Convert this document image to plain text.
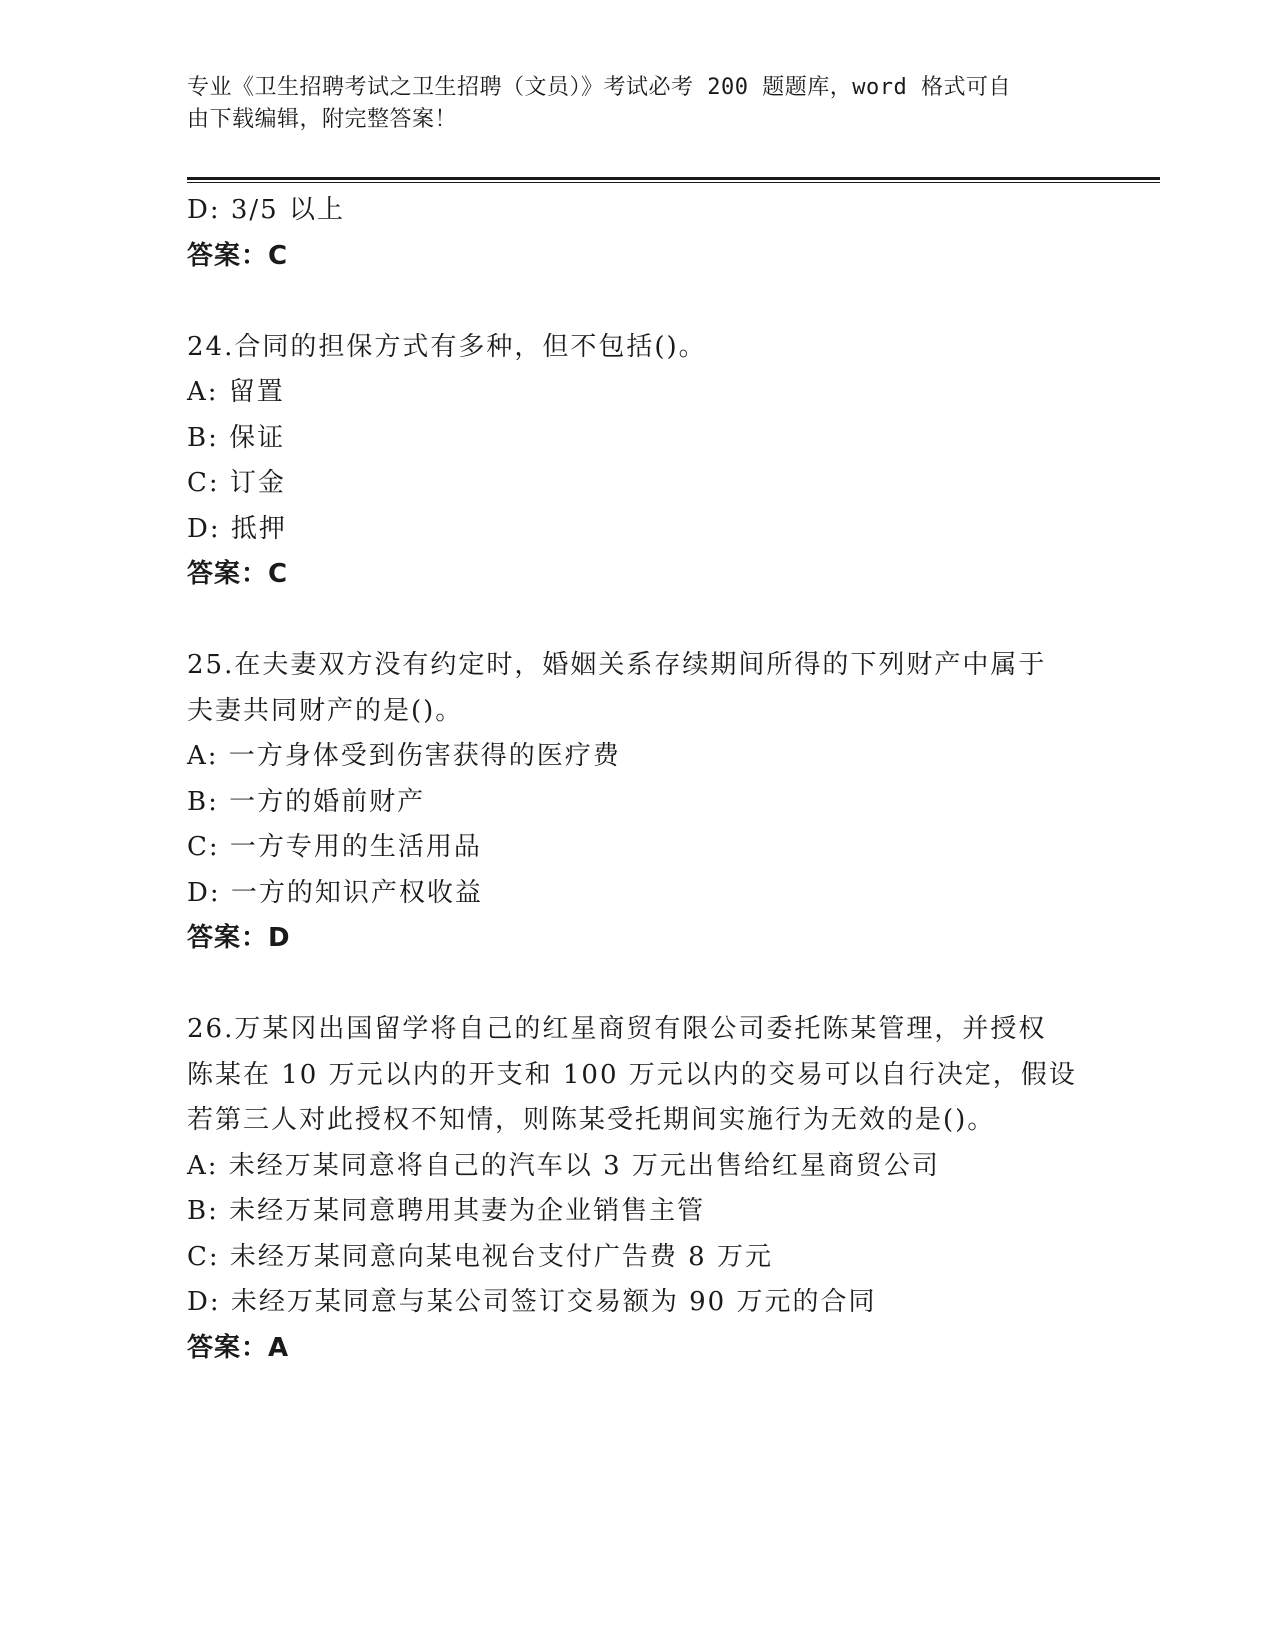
专业《卫生招聘考试之卫生招聘（文员）》考试必考 200 题题库，word 格式可自
由下载编辑，附完整答案！
D: 3/5 以上
答案：C
24.合同的担保方式有多种，但不包括()。
A: 留置
B: 保证
C: 订金
D: 抵押
答案：C
25.在夫妻双方没有约定时，婚姻关系存续期间所得的下列财产中属于
夫妻共同财产的是()。
A: 一方身体受到伤害获得的医疗费
B: 一方的婚前财产
C: 一方专用的生活用品
D: 一方的知识产权收益
答案：D
26.万某冈出国留学将自己的红星商贸有限公司委托陈某管理，并授权
陈某在 10 万元以内的开支和 100 万元以内的交易可以自行决定，假设
若第三人对此授权不知情，则陈某受托期间实施行为无效的是()。
A: 未经万某同意将自己的汽车以 3 万元出售给红星商贸公司
B: 未经万某同意聘用其妻为企业销售主管
C: 未经万某同意向某电视台支付广告费 8 万元
D: 未经万某同意与某公司签订交易额为 90 万元的合同
答案：A
